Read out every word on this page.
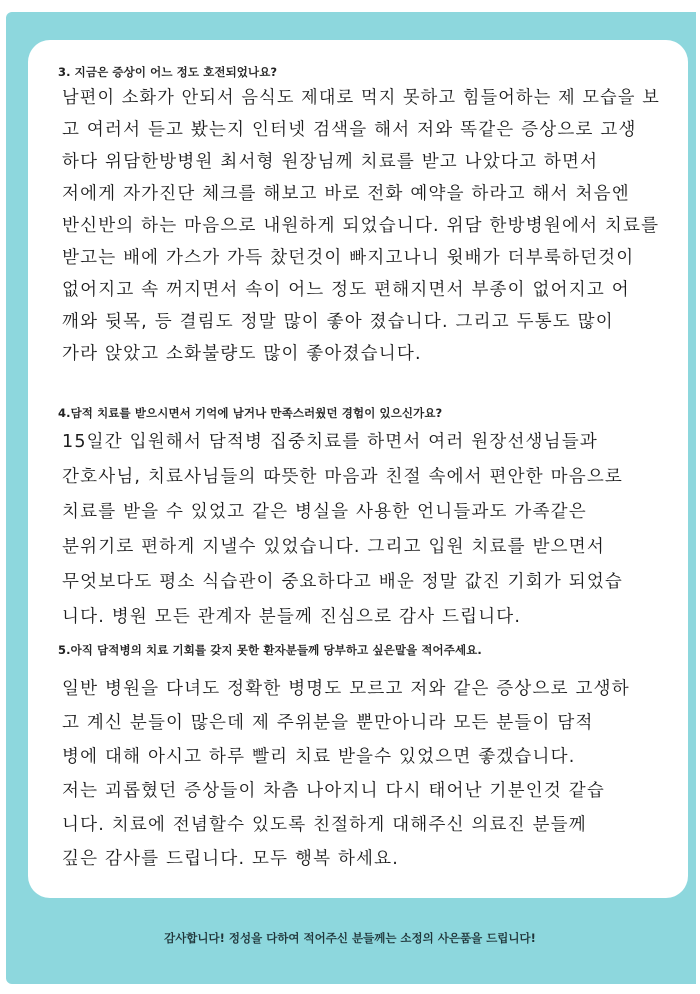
3. 지금은 증상이 어느 정도 호전되었나요?
남편이 소화가 안되서 음식도 제대로 먹지 못하고 힘들어하는 제 모습을 보
고 여러서 듣고 봤는지 인터넷 검색을 해서 저와 똑같은 증상으로 고생
하다 위담한방병원 최서형 원장님께 치료를 받고 나았다고 하면서
저에게 자가진단 체크를 해보고 바로 전화 예약을 하라고 해서 처음엔
반신반의 하는 마음으로 내원하게 되었습니다. 위담 한방병원에서 치료를
받고는 배에 가스가 가득 찼던것이 빠지고나니 윗배가 더부룩하던것이
없어지고 속 꺼지면서 속이 어느 정도 편해지면서 부종이 없어지고 어
깨와 뒷목, 등 결림도 정말 많이 좋아 졌습니다. 그리고 두통도 많이
가라 앉았고 소화불량도 많이 좋아졌습니다.
4.담적 치료를 받으시면서 기억에 남거나 만족스러웠던 경험이 있으신가요?
15일간 입원해서 담적병 집중치료를 하면서 여러 원장선생님들과
간호사님, 치료사님들의 따뜻한 마음과 친절 속에서 편안한 마음으로
치료를 받을 수 있었고 같은 병실을 사용한 언니들과도 가족같은
분위기로 편하게 지낼수 있었습니다. 그리고 입원 치료를 받으면서
무엇보다도 평소 식습관이 중요하다고 배운 정말 값진 기회가 되었습
니다. 병원 모든 관계자 분들께 진심으로 감사 드립니다.
5.아직 담적병의 치료 기회를 갖지 못한 환자분들께 당부하고 싶은말을 적어주세요.
일반 병원을 다녀도 정확한 병명도 모르고 저와 같은 증상으로 고생하
고 계신 분들이 많은데 제 주위분을 뿐만아니라 모든 분들이 담적
병에 대해 아시고 하루 빨리 치료 받을수 있었으면 좋겠습니다.
저는 괴롭혔던 증상들이 차츰 나아지니 다시 태어난 기분인것 같습
니다. 치료에 전념할수 있도록 친절하게 대해주신 의료진 분들께
깊은 감사를 드립니다. 모두 행복 하세요.
감사합니다! 정성을 다하여 적어주신 분들께는 소정의 사은품을 드립니다!
